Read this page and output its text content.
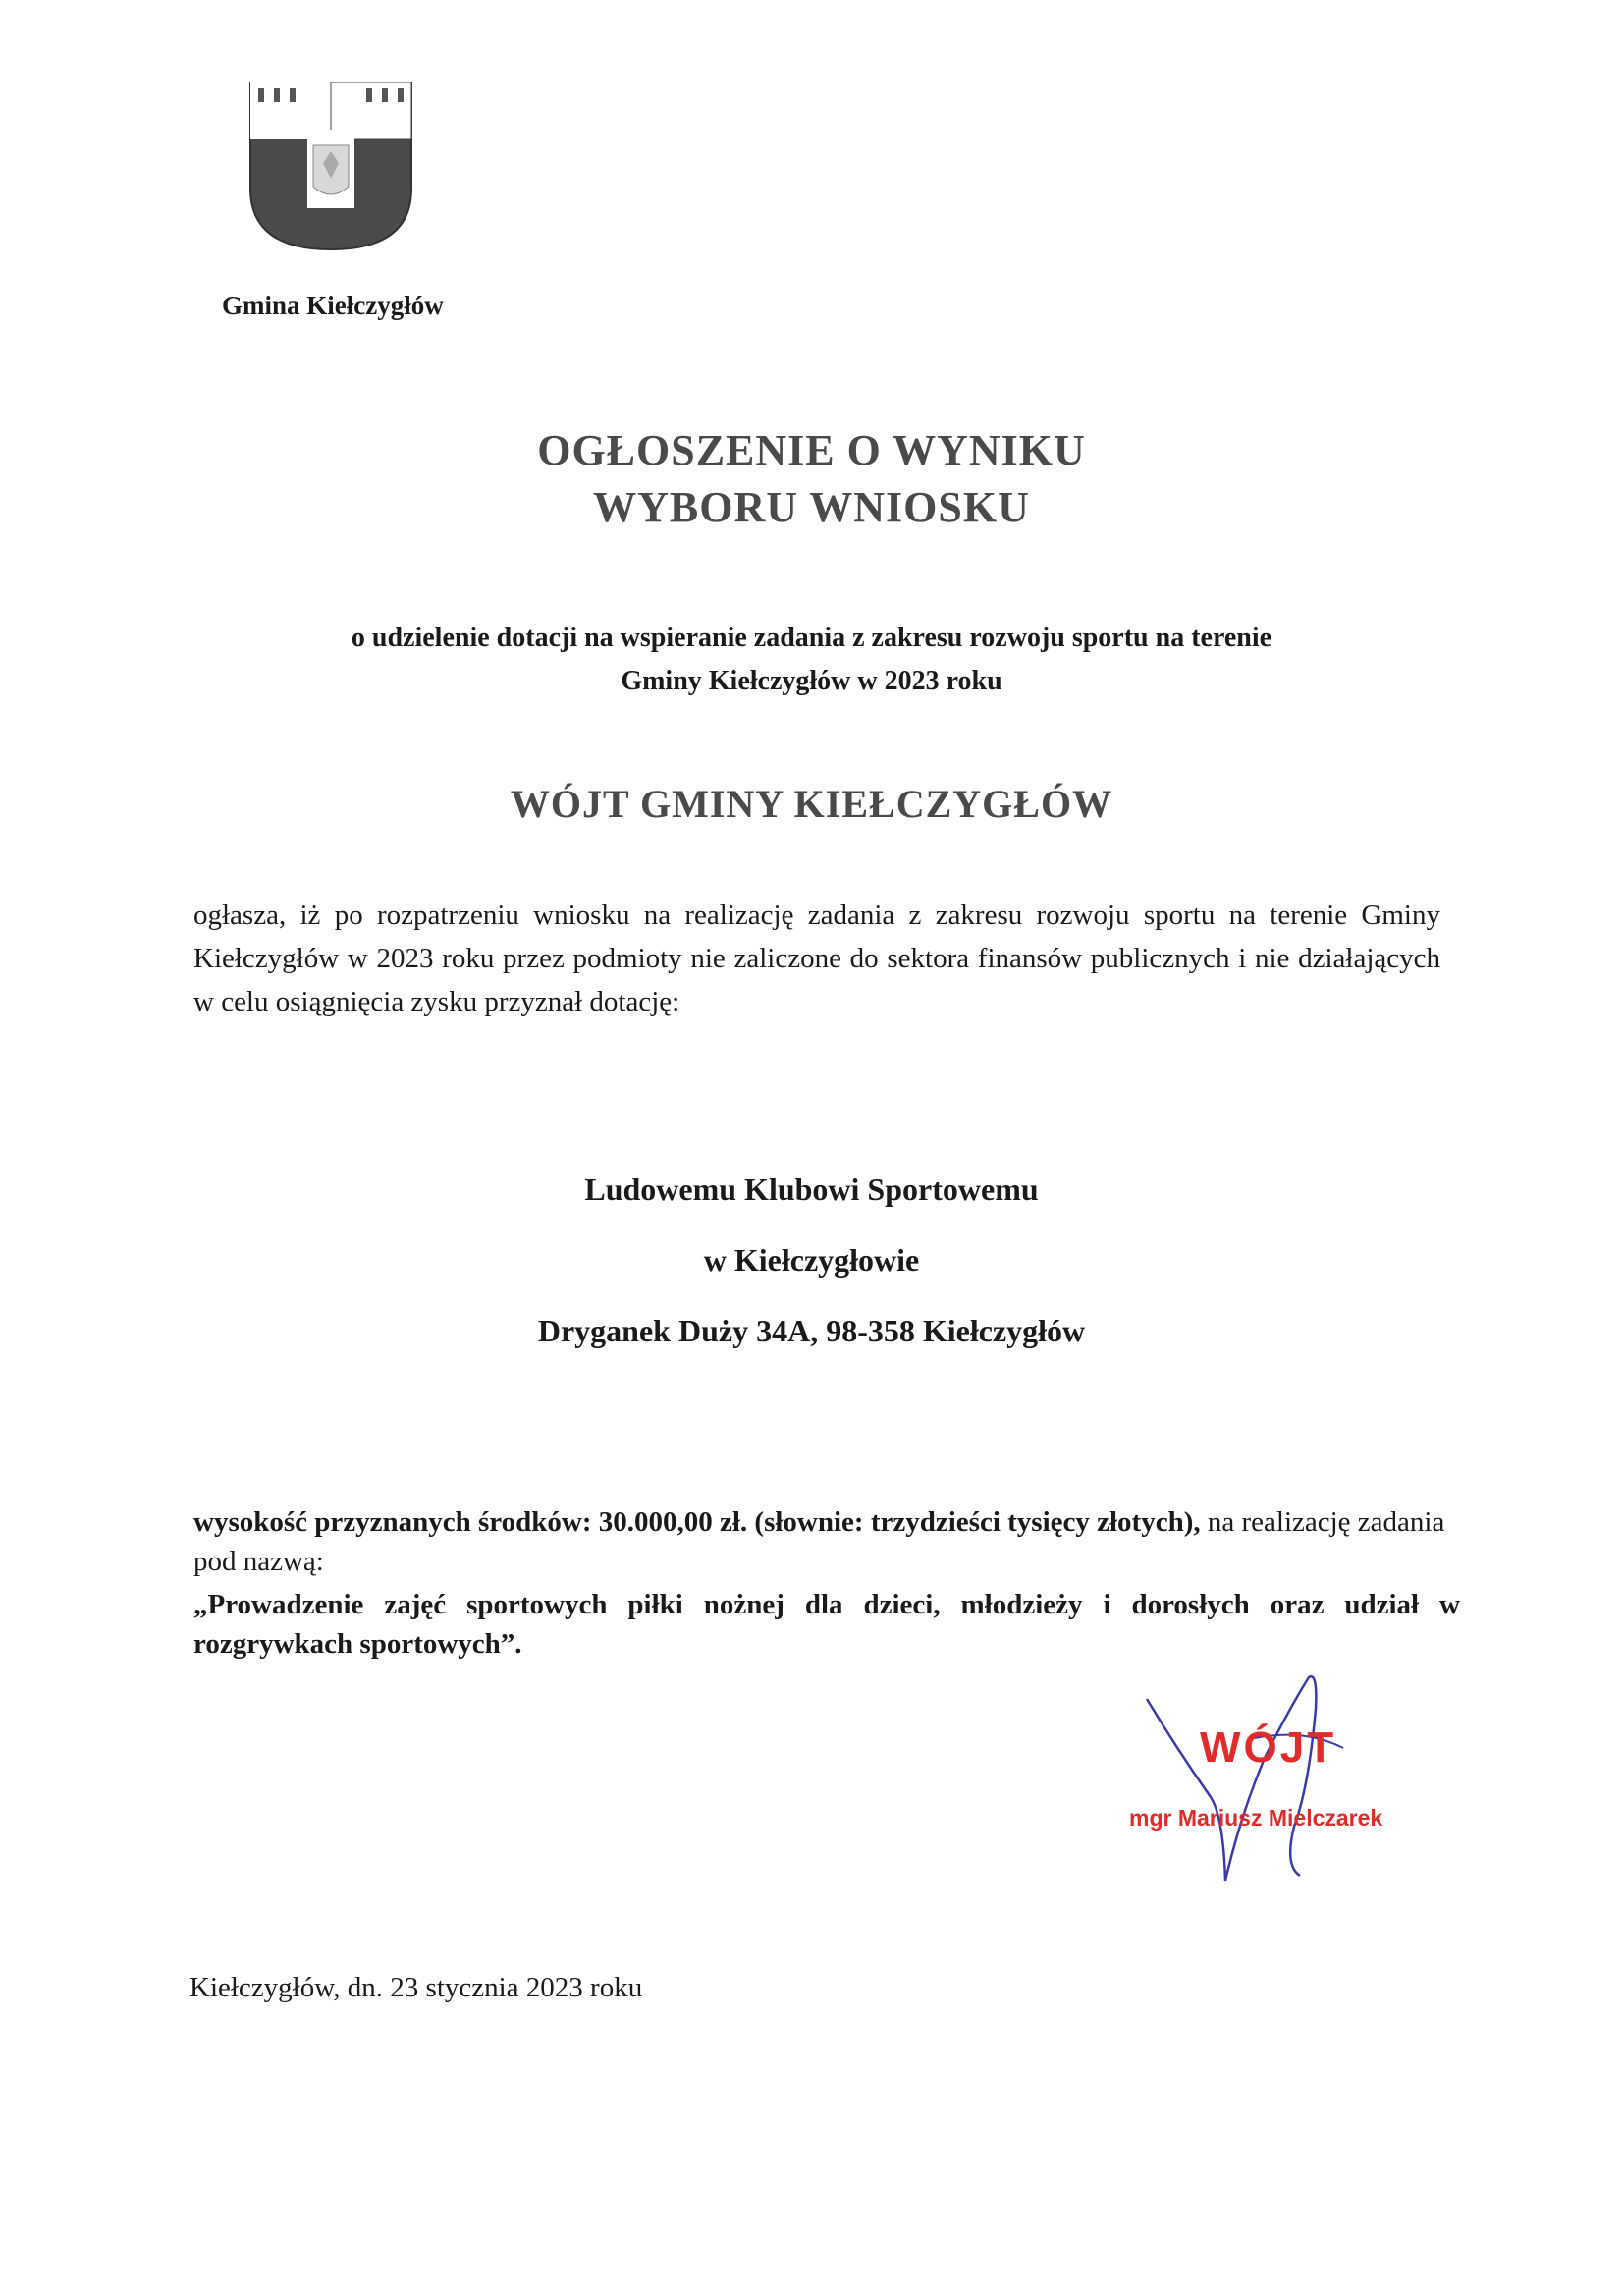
Gmina Kiełczygłów
OGŁOSZENIE O WYNIKU
WYBORU WNIOSKU
o udzielenie dotacji na wspieranie zadania z zakresu rozwoju sportu na terenie
Gminy Kiełczygłów w 2023 roku
WÓJT GMINY KIEŁCZYGŁÓW
ogłasza, iż po rozpatrzeniu wniosku na realizację zadania z zakresu rozwoju sportu na terenie Gminy Kiełczygłów w 2023 roku przez podmioty nie zaliczone do sektora finansów publicznych i nie działających w celu osiągnięcia zysku przyznał dotację:
Ludowemu Klubowi Sportowemu
w Kiełczygłowie
Dryganek Duży 34A, 98-358 Kiełczygłów
wysokość przyznanych środków: 30.000,00 zł. (słownie: trzydzieści tysięcy złotych), na realizację zadania pod nazwą:
„Prowadzenie zajęć sportowych piłki nożnej dla dzieci, młodzieży i dorosłych oraz udział w rozgrywkach sportowych”.
WÓJT
mgr Mariusz Mielczarek
Kiełczygłów, dn. 23 stycznia 2023 roku
